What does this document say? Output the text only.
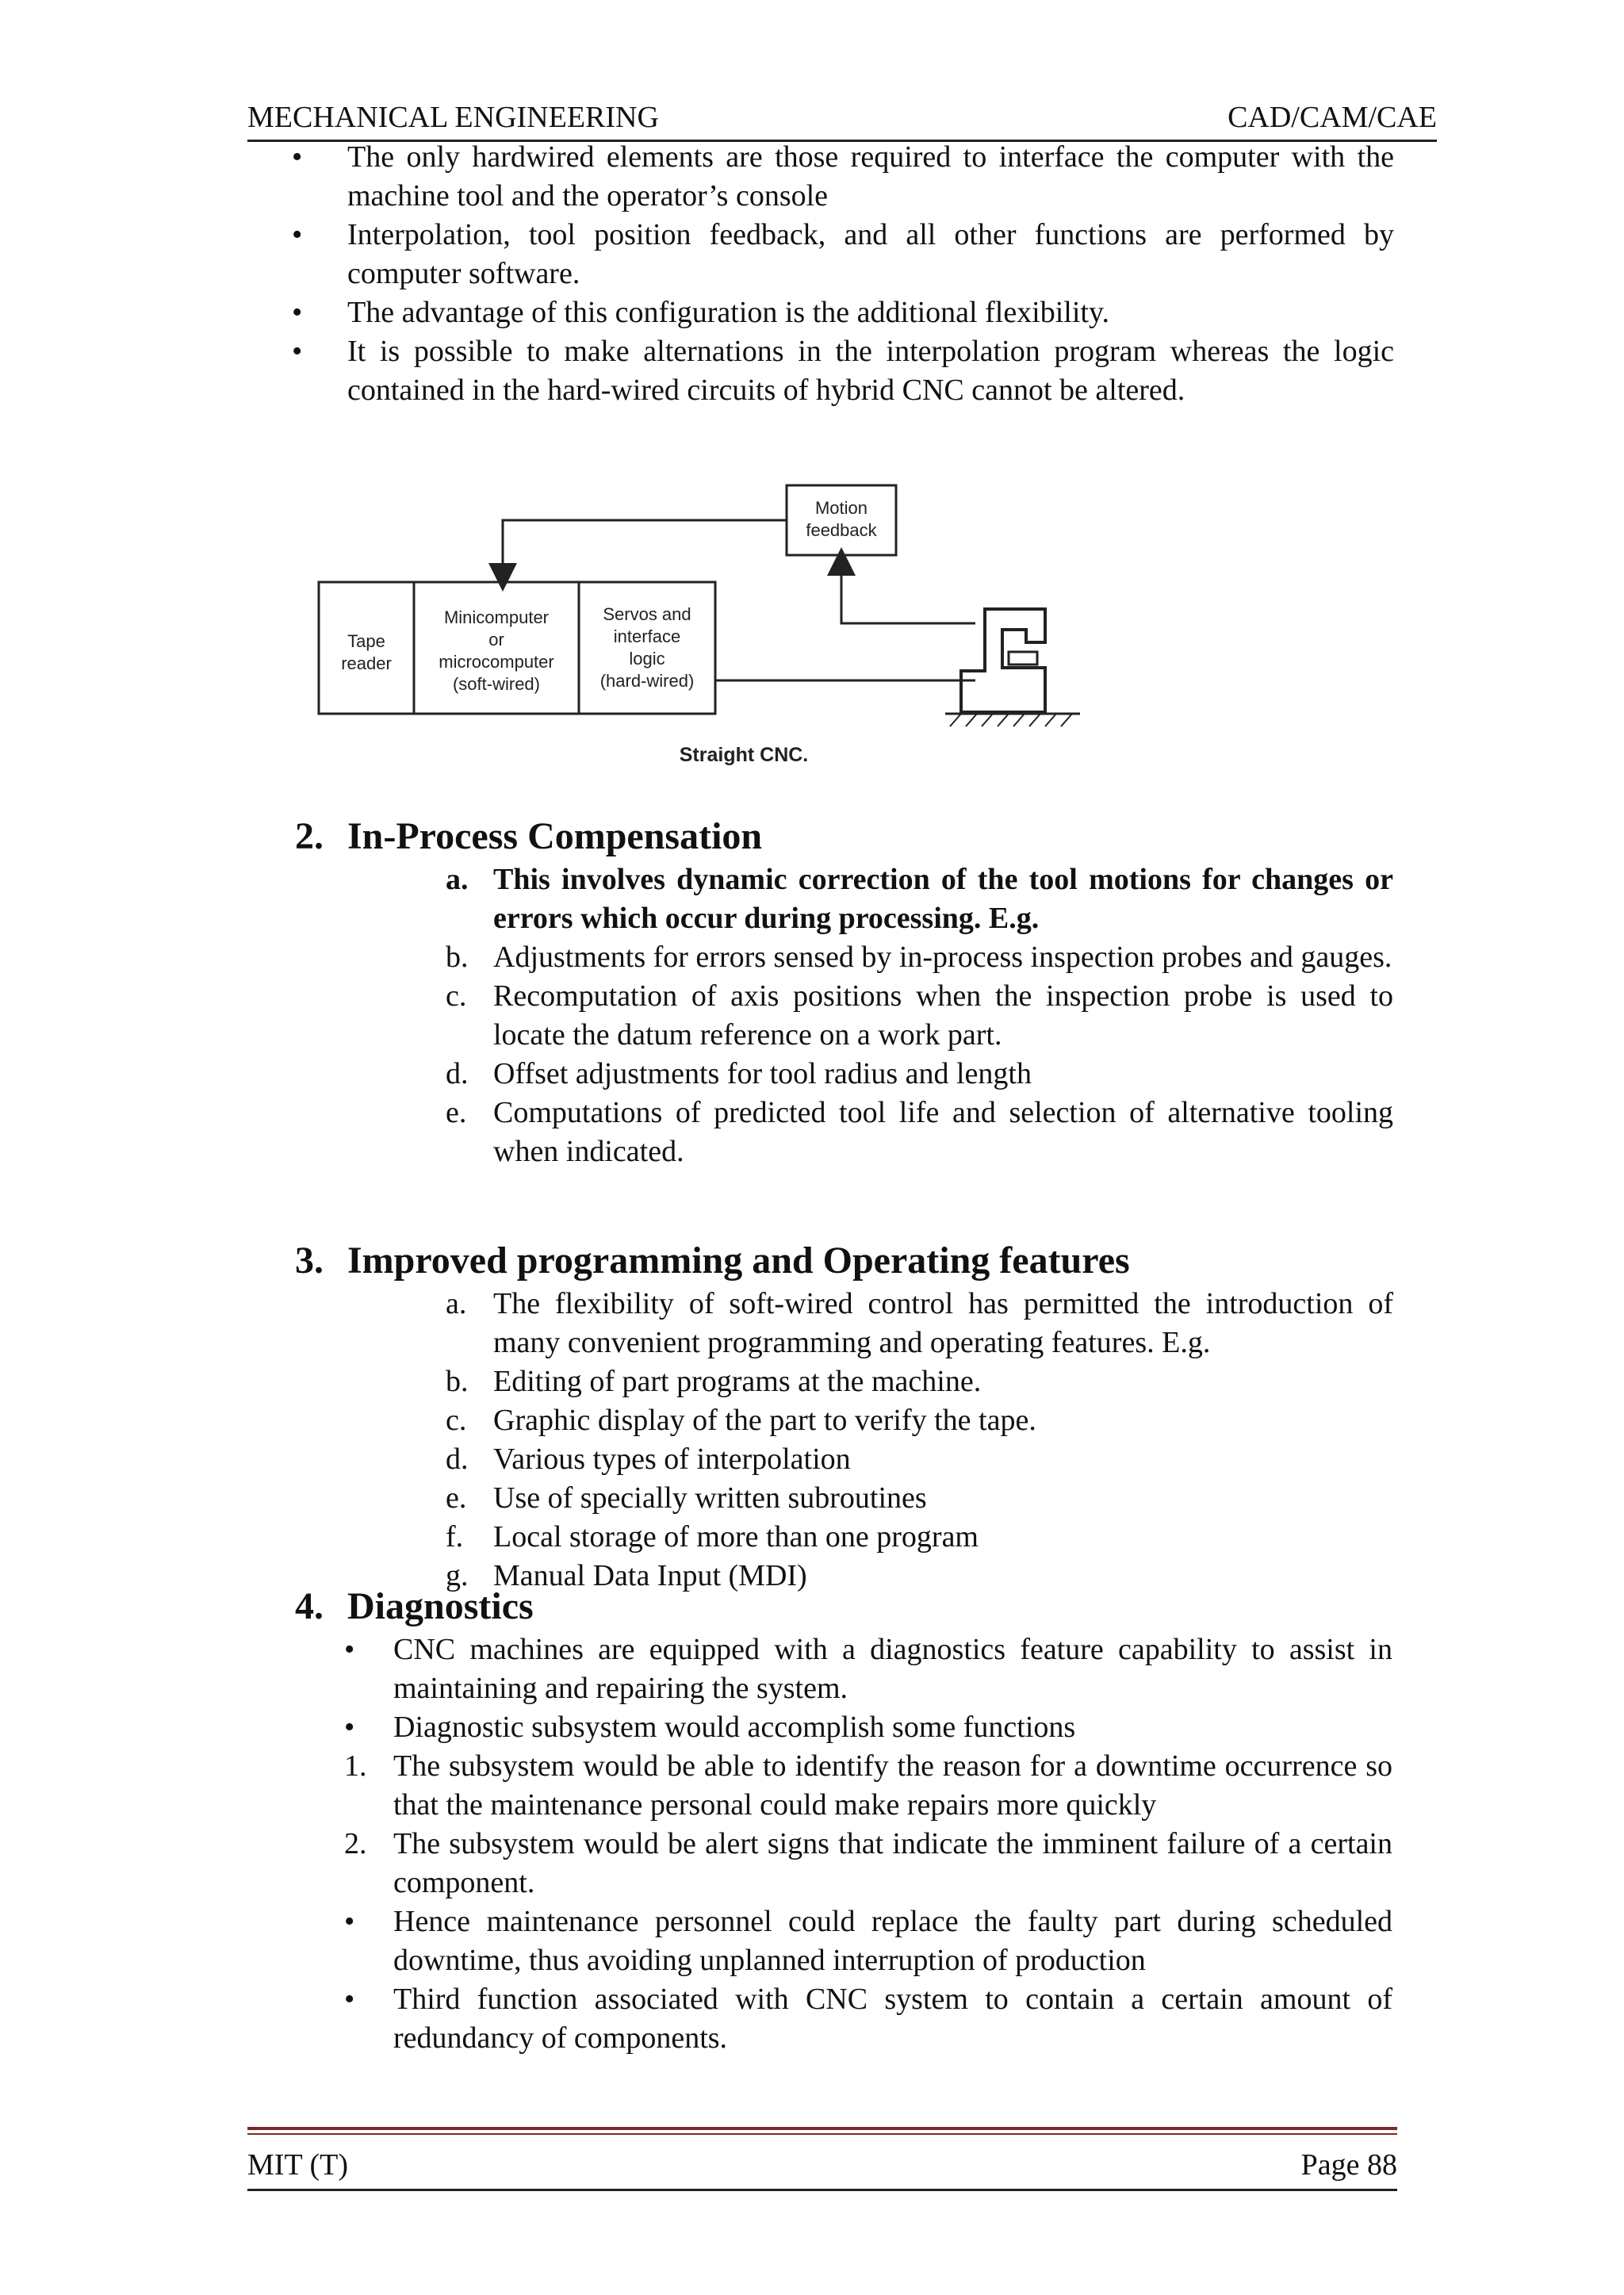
MECHANICAL ENGINEERING	CAD/CAM/CAE
•	The only hardwired elements are those required to interface the computer with the machine tool and the operator’s console
•	Interpolation, tool position feedback, and all other functions are performed by computer software.
•	The advantage of this configuration is the additional flexibility.
•	It is possible to make alternations in the interpolation program whereas the logic contained in the hard-wired circuits of hybrid CNC cannot be altered.
Tape
reader
Minicomputer
or
microcomputer
(soft-wired)
Servos and
interface
logic
(hard-wired)
Motion
feedback
Straight CNC.
2. In-Process Compensation
a. This involves dynamic correction of the tool motions for changes or errors which occur during processing. E.g.
b. Adjustments for errors sensed by in-process inspection probes and gauges.
c. Recomputation of axis positions when the inspection probe is used to locate the datum reference on a work part.
d. Offset adjustments for tool radius and length
e. Computations of predicted tool life and selection of alternative tooling when indicated.
3. Improved programming and Operating features
a. The flexibility of soft-wired control has permitted the introduction of many convenient programming and operating features. E.g.
b. Editing of part programs at the machine.
c. Graphic display of the part to verify the tape.
d. Various types of interpolation
e. Use of specially written subroutines
f. Local storage of more than one program
g. Manual Data Input (MDI)
4. Diagnostics
•	CNC machines are equipped with a diagnostics feature capability to assist in maintaining and repairing the system.
•	Diagnostic subsystem would accomplish some functions
1. The subsystem would be able to identify the reason for a downtime occurrence so that the maintenance personal could make repairs more quickly
2. The subsystem would be alert signs that indicate the imminent failure of a certain component.
•	Hence maintenance personnel could replace the faulty part during scheduled downtime, thus avoiding unplanned interruption of production
•	Third function associated with CNC system to contain a certain amount of redundancy of components.
MIT (T)	Page 88
